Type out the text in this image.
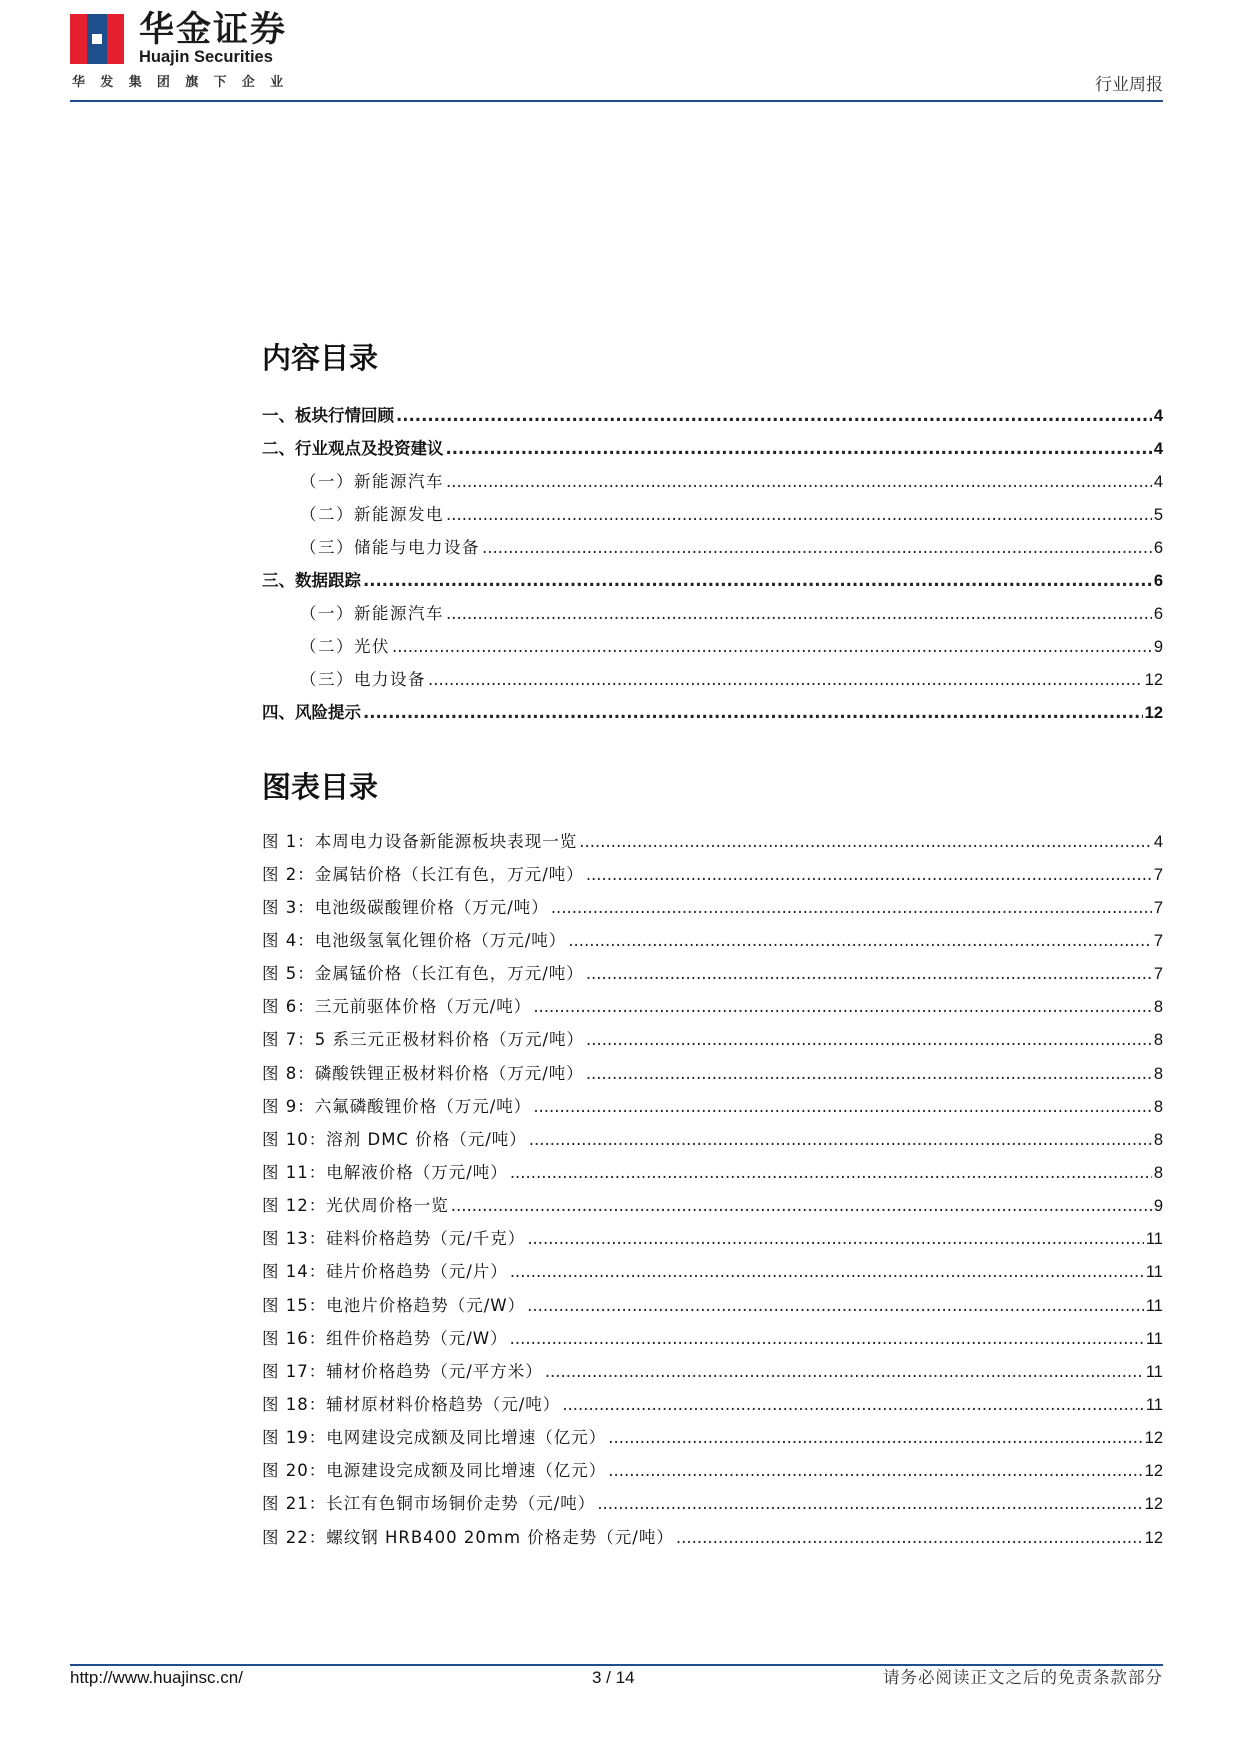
华金证券
Huajin Securities
华发集团旗下企业	行业周报
内容目录
一、板块行情回顾 .....	4
二、行业观点及投资建议 .....	4
（一）新能源汽车 .....	4
（二）新能源发电 .....	5
（三）储能与电力设备 .....	6
三、数据跟踪 .....	6
（一）新能源汽车 .....	6
（二）光伏 .....	9
（三）电力设备 .....	12
四、风险提示 .....	12
图表目录
图 1：本周电力设备新能源板块表现一览 .....	4
图 2：金属钴价格（长江有色，万元/吨） .....	7
图 3：电池级碳酸锂价格（万元/吨） .....	7
图 4：电池级氢氧化锂价格（万元/吨） .....	7
图 5：金属锰价格（长江有色，万元/吨） .....	7
图 6：三元前驱体价格（万元/吨） .....	8
图 7：5 系三元正极材料价格（万元/吨） .....	8
图 8：磷酸铁锂正极材料价格（万元/吨） .....	8
图 9：六氟磷酸锂价格（万元/吨） .....	8
图 10：溶剂 DMC 价格（元/吨） .....	8
图 11：电解液价格（万元/吨） .....	8
图 12：光伏周价格一览 .....	9
图 13：硅料价格趋势（元/千克） .....	11
图 14：硅片价格趋势（元/片） .....	11
图 15：电池片价格趋势（元/W） .....	11
图 16：组件价格趋势（元/W） .....	11
图 17：辅材价格趋势（元/平方米） .....	11
图 18：辅材原材料价格趋势（元/吨） .....	11
图 19：电网建设完成额及同比增速（亿元） .....	12
图 20：电源建设完成额及同比增速（亿元） .....	12
图 21：长江有色铜市场铜价走势（元/吨） .....	12
图 22：螺纹钢 HRB400 20mm 价格走势（元/吨） .....	12
http://www.huajinsc.cn/	3 / 14	请务必阅读正文之后的免责条款部分
